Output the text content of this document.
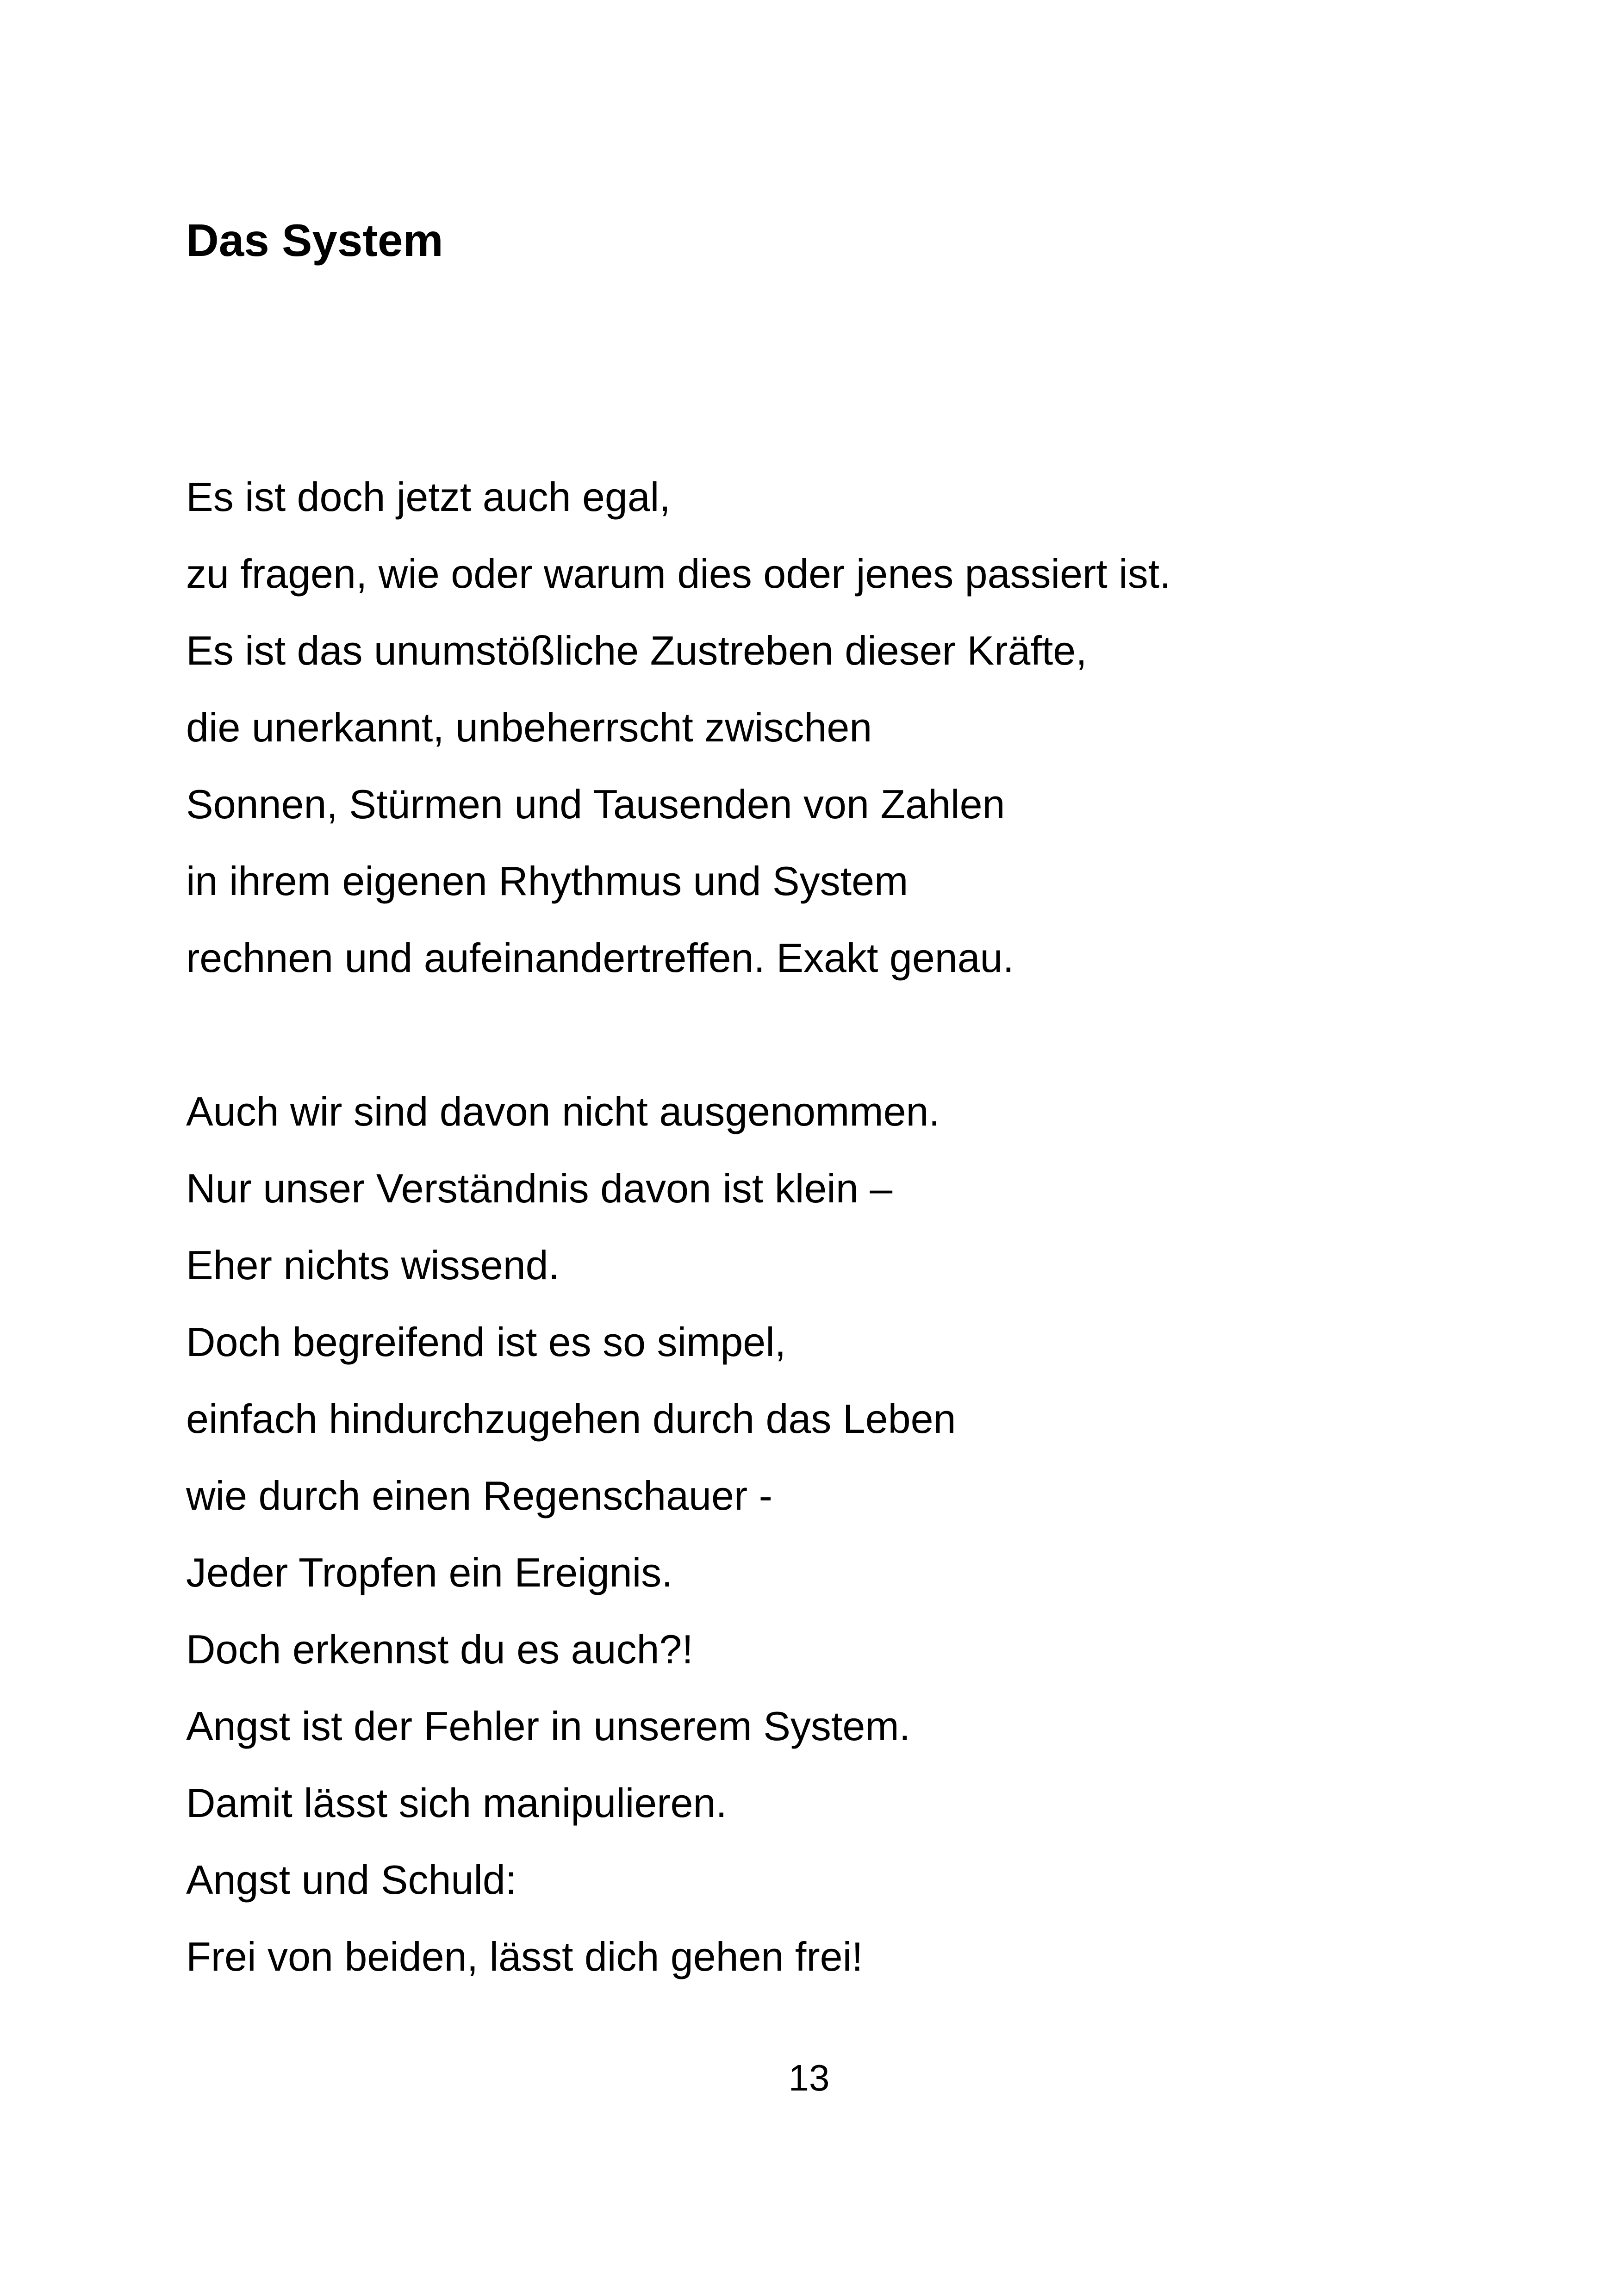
Das System

Es ist doch jetzt auch egal,

zu fragen, wie oder warum dies oder jenes passiert ist.

Es ist das unumstößliche Zustreben dieser Kräfte,

die unerkannt, unbeherrscht zwischen

Sonnen, Stürmen und Tausenden von Zahlen

in ihrem eigenen Rhythmus und System

rechnen und aufeinandertreffen. Exakt genau.

Auch wir sind davon nicht ausgenommen.

Nur unser Verständnis davon ist klein –

Eher nichts wissend.

Doch begreifend ist es so simpel,

einfach hindurchzugehen durch das Leben

wie durch einen Regenschauer -

Jeder Tropfen ein Ereignis.

Doch erkennst du es auch?!

Angst ist der Fehler in unserem System.

Damit lässt sich manipulieren.

Angst und Schuld:

Frei von beiden, lässt dich gehen frei!

13
